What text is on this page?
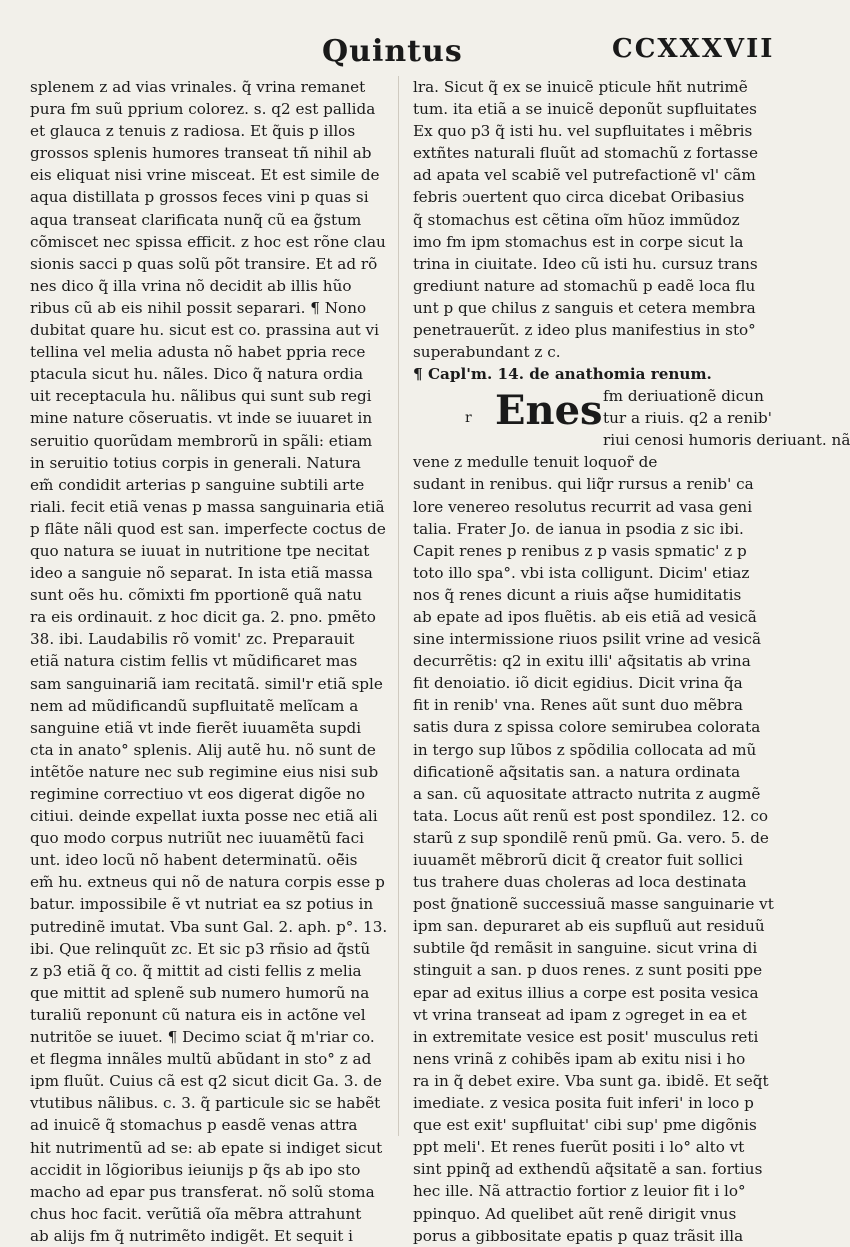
Quintus	CCXXXVII
splenem z ad vias vrinales. q̃ vrina remanet
pura fm suũ pprium colorez. s. q2 est pallida
et glauca z tenuis z radiosa. Et q̃uis p illos
grossos splenis humores transeat tñ nihil ab
eis eliquat nisi vrine misceat. Et est simile de
aqua distillata p grossos feces vini p quas si
aqua transeat clarificata nunq̃ cũ ea g̃stum
cõmiscet nec spissa efficit. z hoc est rõne clau
sionis sacci p quas solũ põt transire. Et ad rõ
nes dico q̃ illa vrina nõ decidit ab illis hũo
ribus cũ ab eis nihil possit separari. ¶ Nono
dubitat quare hu. sicut est co. prassina aut vi
tellina vel melia adusta nõ habet ppria rece
ptacula sicut hu. nãles. Dico q̃ natura ordia
uit receptacula hu. nãlibus qui sunt sub regi
mine nature cõseruatis. vt inde se iuuaret in
seruitio quorũdam membrorũ in spãli: etiam
in seruitio totius corpis in generali. Natura
em̃ condidit arterias p sanguine subtili arte
riali. fecit etiã venas p massa sanguinaria etiã
p flãte nãli quod est san. imperfecte coctus de
quo natura se iuuat in nutritione tpe necitat
ideo a sanguie nõ separat. In ista etiã massa
sunt oẽs hu. cõmixti fm pportionẽ quã natu
ra eis ordinauit. z hoc dicit ga. 2. pno. pmẽto
38. ibi. Laudabilis rõ vomit' zc. Preparauit
etiã natura cistim fellis vt mũdificaret mas
sam sanguinariã iam recitatã. simil'r etiã sple
nem ad mũdificandũ supfluitatẽ melĩcam a
sanguine etiã vt inde fierẽt iuuamẽta supdi
cta in anato° splenis. Alij autẽ hu. nõ sunt de
intẽtõe nature nec sub regimine eius nisi sub
regimine correctiuo vt eos digerat digõe no
citiui. deinde expellat iuxta posse nec etiã ali
quo modo corpus nutriũt nec iuuamẽtũ faci
unt. ideo locũ nõ habent determinatũ. oẽ̃is
em̃ hu. extneus qui nõ de natura corpis esse p
batur. impossibile ẽ vt nutriat ea sz potius in
putredinẽ imutat. Vba sunt Gal. 2. aph. p°. 13.
ibi. Que relinquũt zc. Et sic p3 rñsio ad q̃stũ
z p3 etiã q̃ co. q̃ mittit ad cisti fellis z melia
que mittit ad splenẽ sub numero humorũ na
turaliũ reponunt cũ natura eis in actõne vel
nutritõe se iuuet. ¶ Decimo sciat q̃ m'riar co.
et flegma innãles multũ abũdant in sto° z ad
ipm fluũt. Cuius cã est q2 sicut dicit Ga. 3. de
vtutibus nãlibus. c. 3. q̃ particule sic se habẽt
ad inuicẽ q̃ stomachus p easdẽ venas attra
hit nutrimentũ ad se: ab epate si indiget sicut
accidit in lõgioribus ieiunijs p q̃s ab ipo sto
macho ad epar pus transferat. nõ solũ stoma
chus hoc facit. verũtiã oĩa mẽbra attrahunt
ab alijs fm q̃ nutrimẽto indigẽt. Et sequit i
lra. Sicut q̃ ex se inuicẽ pticule hñt nutrimẽ
tum. ita etiã a se inuicẽ deponũt supfluitates
Ex quo p3 q̃ isti hu. vel supfluitates i mẽbris
extñtes naturali fluũt ad stomachũ z fortasse
ad apata vel scabiẽ vel putrefactionẽ vl' cãm
febris ɔuertent quo circa dicebat Oribasius
q̃ stomachus est cẽtina oĩm hũoz immũdoz
imo fm ipm stomachus est in corpe sicut la
trina in ciuitate. Ideo cũ isti hu. cursuz trans
grediunt nature ad stomachũ p eadẽ loca flu
unt p que chilus z sanguis et cetera membra
penetrauerũt. z ideo plus manifestius in sto°
superabundant z c.
¶ Capl'm. 14. de anathomia renum.
r Enes fm deriuationẽ dicun
tur a riuis. q2 a renib'
riui cenosi humoris deriuant. nã
vene z medulle tenuit loquor̃ de
sudant in renibus. qui liq̃r rursus a renib' ca
lore venereo resolutus recurrit ad vasa geni
talia. Frater Jo. de ianua in psodia z sic ibi.
Capit renes p renibus z p vasis spmatic' z p
toto illo spa°. vbi ista colligunt. Dicim' etiaz
nos q̃ renes dicunt a riuis aq̃se humiditatis
ab epate ad ipos fluẽtis. ab eis etiã ad vesicã
sine intermissione riuos psilit vrine ad vesicã
decurrẽtis: q2 in exitu illi' aq̃sitatis ab vrina
fit denoiatio. iõ dicit egidius. Dicit vrina q̃a
fit in renib' vna. Renes aũt sunt duo mẽbra
satis dura z spissa colore semirubea colorata
in tergo sup lũbos z spõdilia collocata ad mũ
dificationẽ aq̃sitatis san. a natura ordinata
a san. cũ aquositate attracto nutrita z augmẽ
tata. Locus aũt renũ est post spondilez. 12. co
starũ z sup spondilẽ renũ pmũ. Ga. vero. 5. de
iuuamẽt mẽbrorũ dicit q̃ creator fuit sollici
tus trahere duas choleras ad loca destinata
post g̃nationẽ successiuã masse sanguinarie vt
ipm san. depuraret ab eis supfluũ aut residuũ
subtile q̃d remãsit in sanguine. sicut vrina di
stinguit a san. p duos renes. z sunt positi ppe
epar ad exitus illius a corpe est posita vesica
vt vrina transeat ad ipam z ɔgreget in ea et
in extremitate vesice est posit' musculus reti
nens vrinã z cohibẽs ipam ab exitu nisi i ho
ra in q̃ debet exire. Vba sunt ga. ibidẽ. Et seq̃t
imediate. z vesica posita fuit inferi' in loco p
que est exit' supfluitat' cibi sup' pme digõnis
ppt meli'. Et renes fuerũt positi i lo° alto vt
sint ppinq̃ ad exthendũ aq̃sitatẽ a san. fortius
hec ille. Nã attractio fortior z leuior fit i lo°
ppinquo. Ad quelibet aũt renẽ dirigit vnus
porus a gibbositate epatis p quaz trãsit illa
